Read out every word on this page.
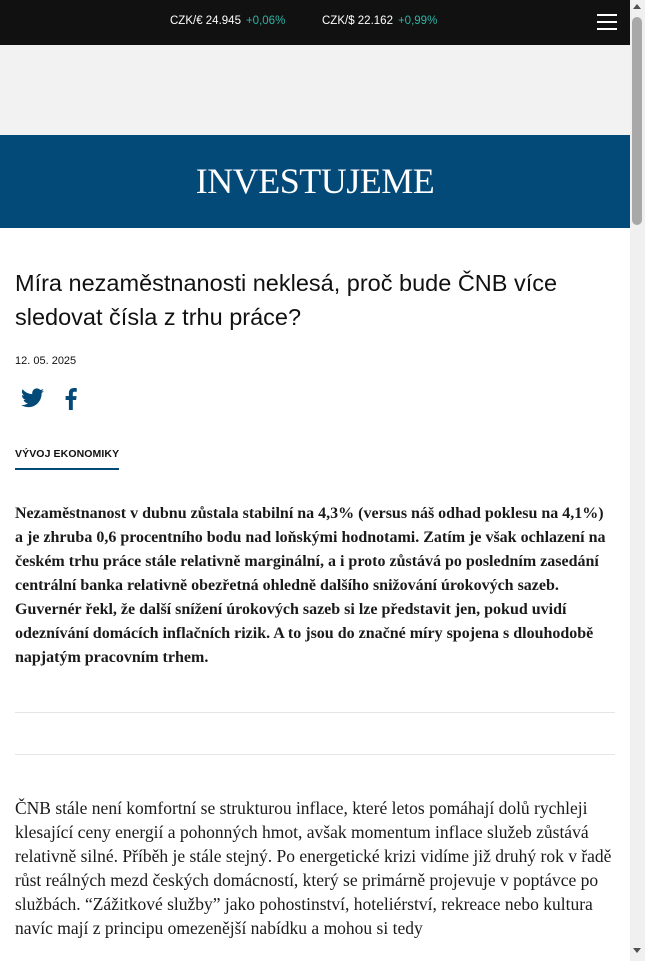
CZK/€ 24.945 +0,06%	CZK/$ 22.162 +0,99%
INVESTUJEME
Míra nezaměstnanosti neklesá, proč bude ČNB více sledovat čísla z trhu práce?
12. 05. 2025
VÝVOJ EKONOMIKY

Nezaměstnanost v dubnu zůstala stabilní na 4,3% (versus náš odhad poklesu na 4,1%) a je zhruba 0,6 procentního bodu nad loňskými hodnotami. Zatím je však ochlazení na českém trhu práce stále relativně marginální, a i proto zůstává po posledním zasedání centrální banka relativně obezřetná ohledně dalšího snižování úrokových sazeb. Guvernér řekl, že další snížení úrokových sazeb si lze představit jen, pokud uvidí odeznívání domácích inflačních rizik. A to jsou do značné míry spojena s dlouhodobě napjatým pracovním trhem.

ČNB stále není komfortní se strukturou inflace, které letos pomáhají dolů rychleji klesající ceny energií a pohonných hmot, avšak momentum inflace služeb zůstává relativně silné. Příběh je stále stejný. Po energetické krizi vidíme již druhý rok v řadě růst reálných mezd českých domácností, který se primárně projevuje v poptávce po službách. “Zážitkové služby” jako pohostinství, hoteliérství, rekreace nebo kultura navíc mají z principu omezenější nabídku a mohou si tedy
